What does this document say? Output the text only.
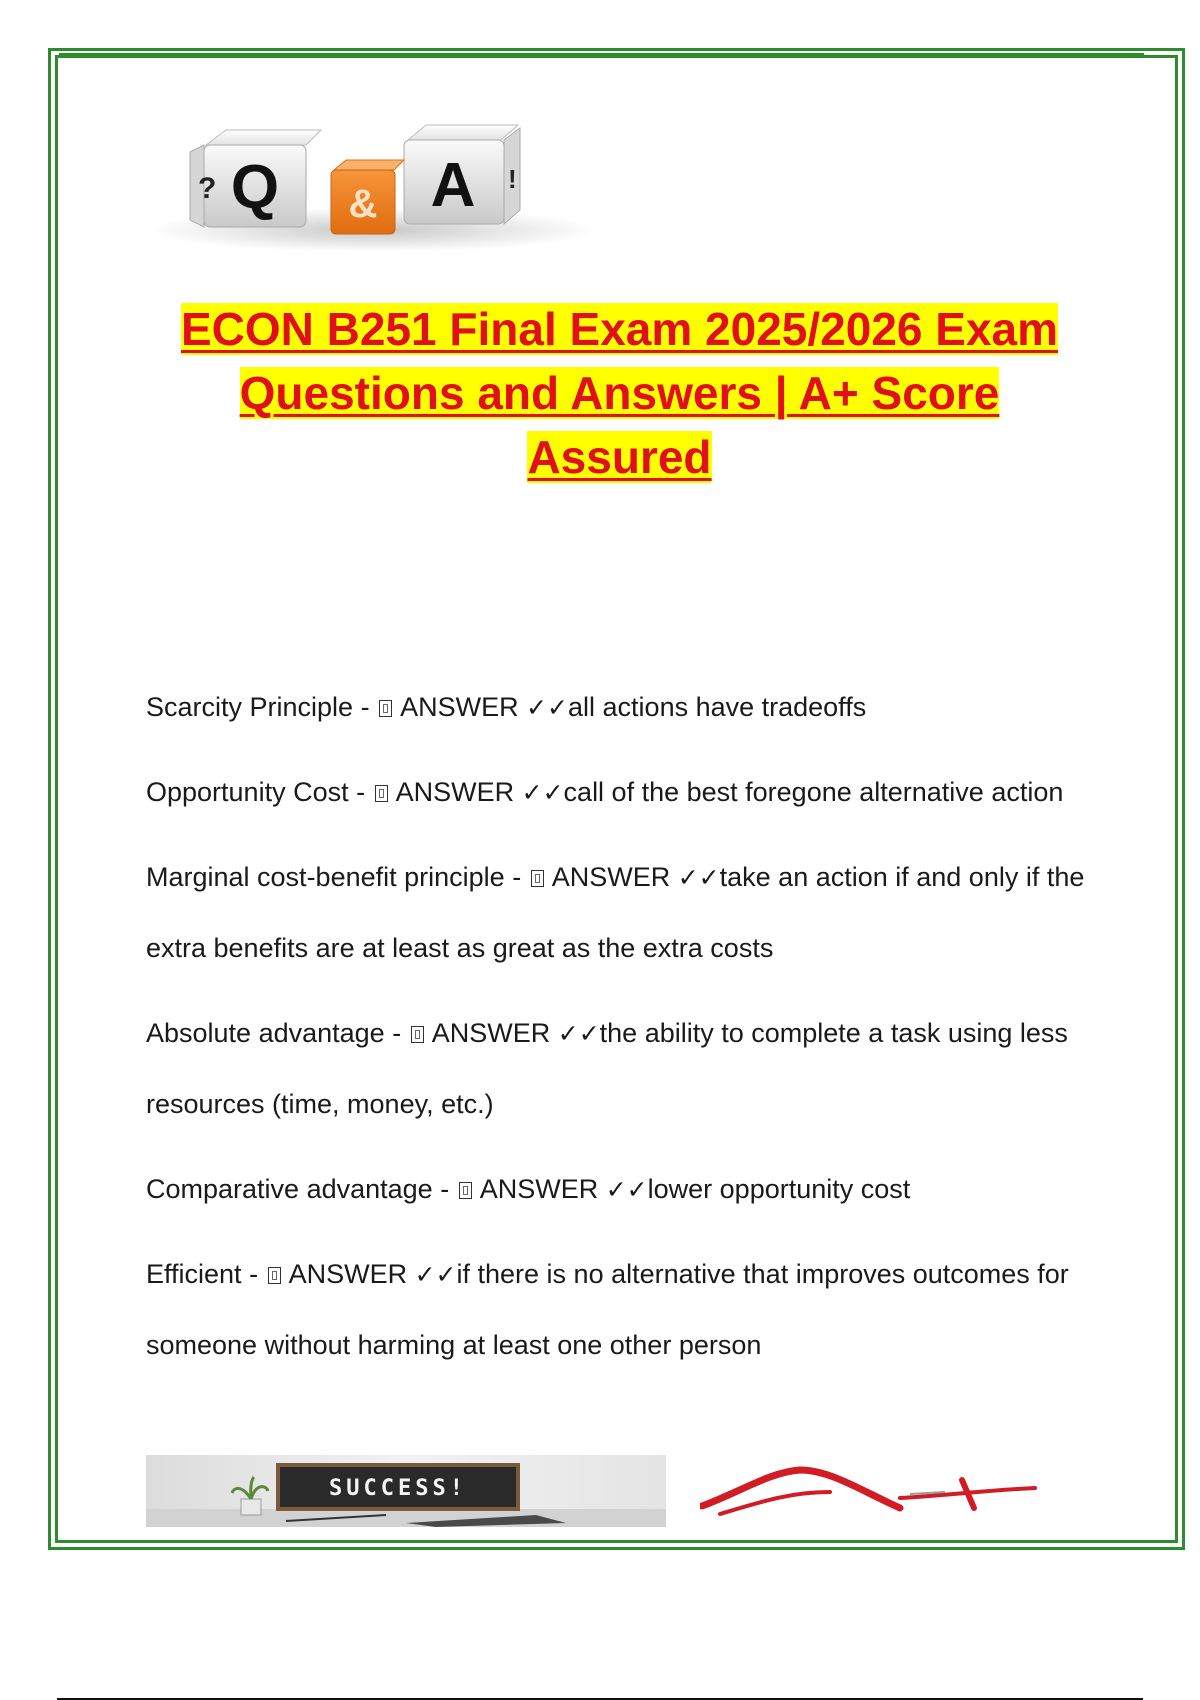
? Q A !
&
ECON B251 Final Exam 2025/2026 Exam
Questions and Answers | A+ Score
Assured

Scarcity Principle -  ANSWER ✓✓all actions have tradeoffs

Opportunity Cost -  ANSWER ✓✓call of the best foregone alternative action

Marginal cost-benefit principle -  ANSWER ✓✓take an action if and only if the extra benefits are at least as great as the extra costs

Absolute advantage -  ANSWER ✓✓the ability to complete a task using less resources (time, money, etc.)

Comparative advantage -  ANSWER ✓✓lower opportunity cost

Efficient -  ANSWER ✓✓if there is no alternative that improves outcomes for someone without harming at least one other person

SUCCESS!
A+
